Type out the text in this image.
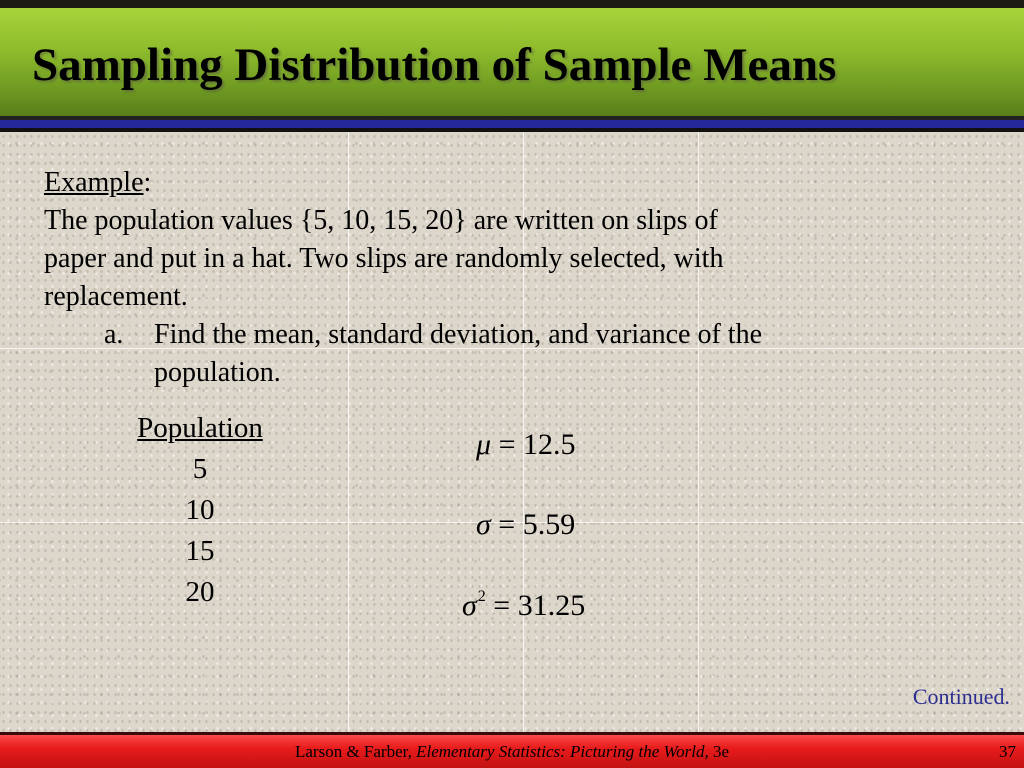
Sampling Distribution of Sample Means

Example:

The population values {5, 10, 15, 20} are written on slips of

paper and put in a hat. Two slips are randomly selected, with

replacement.

a. Find the mean, standard deviation, and variance of the

population.

Population
5
10
15
20
μ = 12.5
σ = 5.59
$\sigma^2 = 31.25$
Continued.
Larson & Farber, Elementary Statistics: Picturing the World, 3e	37
